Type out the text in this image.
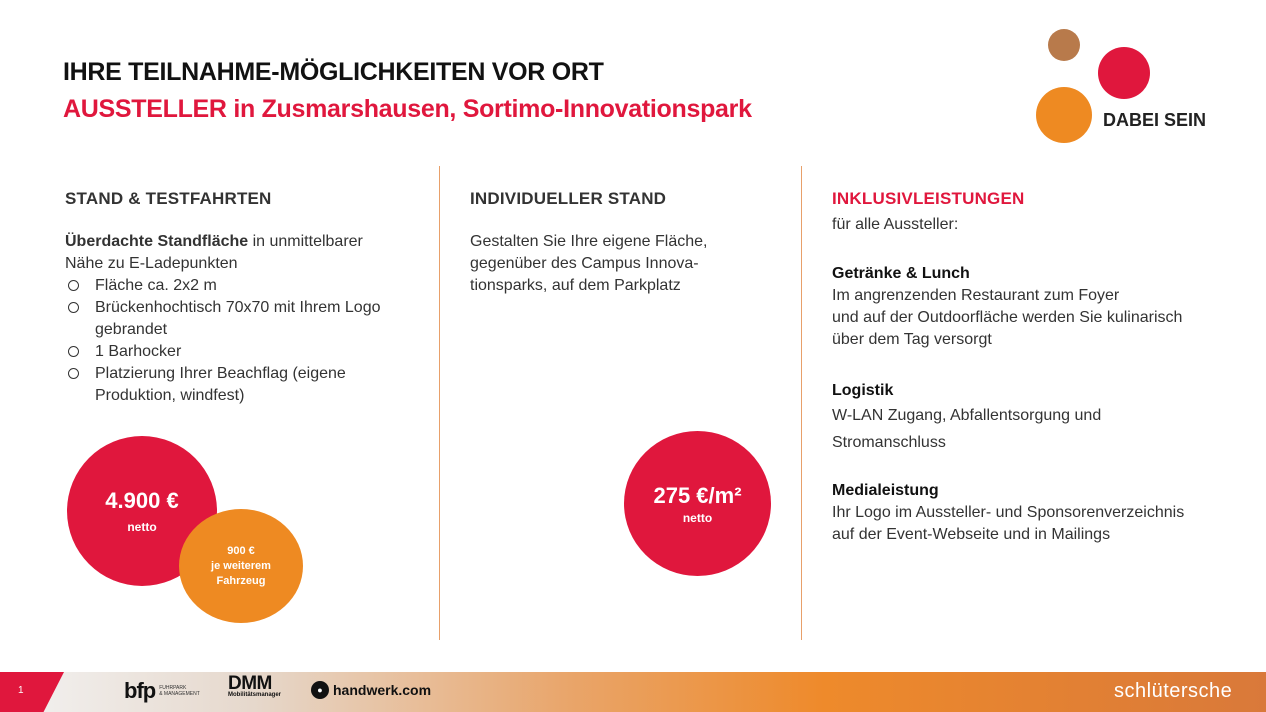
IHRE TEILNAHME-MÖGLICHKEITEN VOR ORT
AUSSTELLER in Zusmarshausen, Sortimo-Innovationspark	DABEI SEIN
STAND & TESTFAHRTEN
Überdachte Standfläche in unmittelbarer
Nähe zu E-Ladepunkten
Fläche ca. 2x2 m
Brückenhochtisch 70x70 mit Ihrem Logo gebrandet
1 Barhocker
Platzierung Ihrer Beachflag (eigene Produktion, windfest)
4.900 €
netto
900 €
je weiterem
Fahrzeug
INDIVIDUELLER STAND
Gestalten Sie Ihre eigene Fläche,
gegenüber des Campus Innova-
tionsparks, auf dem Parkplatz
275 €/m²
netto
INKLUSIVLEISTUNGEN
für alle Aussteller:
Getränke & Lunch
Im angrenzenden Restaurant zum Foyer
und auf der Outdoorfläche werden Sie kulinarisch
über dem Tag versorgt
Logistik
W-LAN Zugang, Abfallentsorgung und
Stromanschluss
Medialeistung
Ihr Logo im Aussteller- und Sponsorenverzeichnis
auf der Event-Webseite und in Mailings
1	bfp FUHRPARK
& MANAGEMENT DMM
Mobilitätsmanager	● handwerk.com	schlütersche
